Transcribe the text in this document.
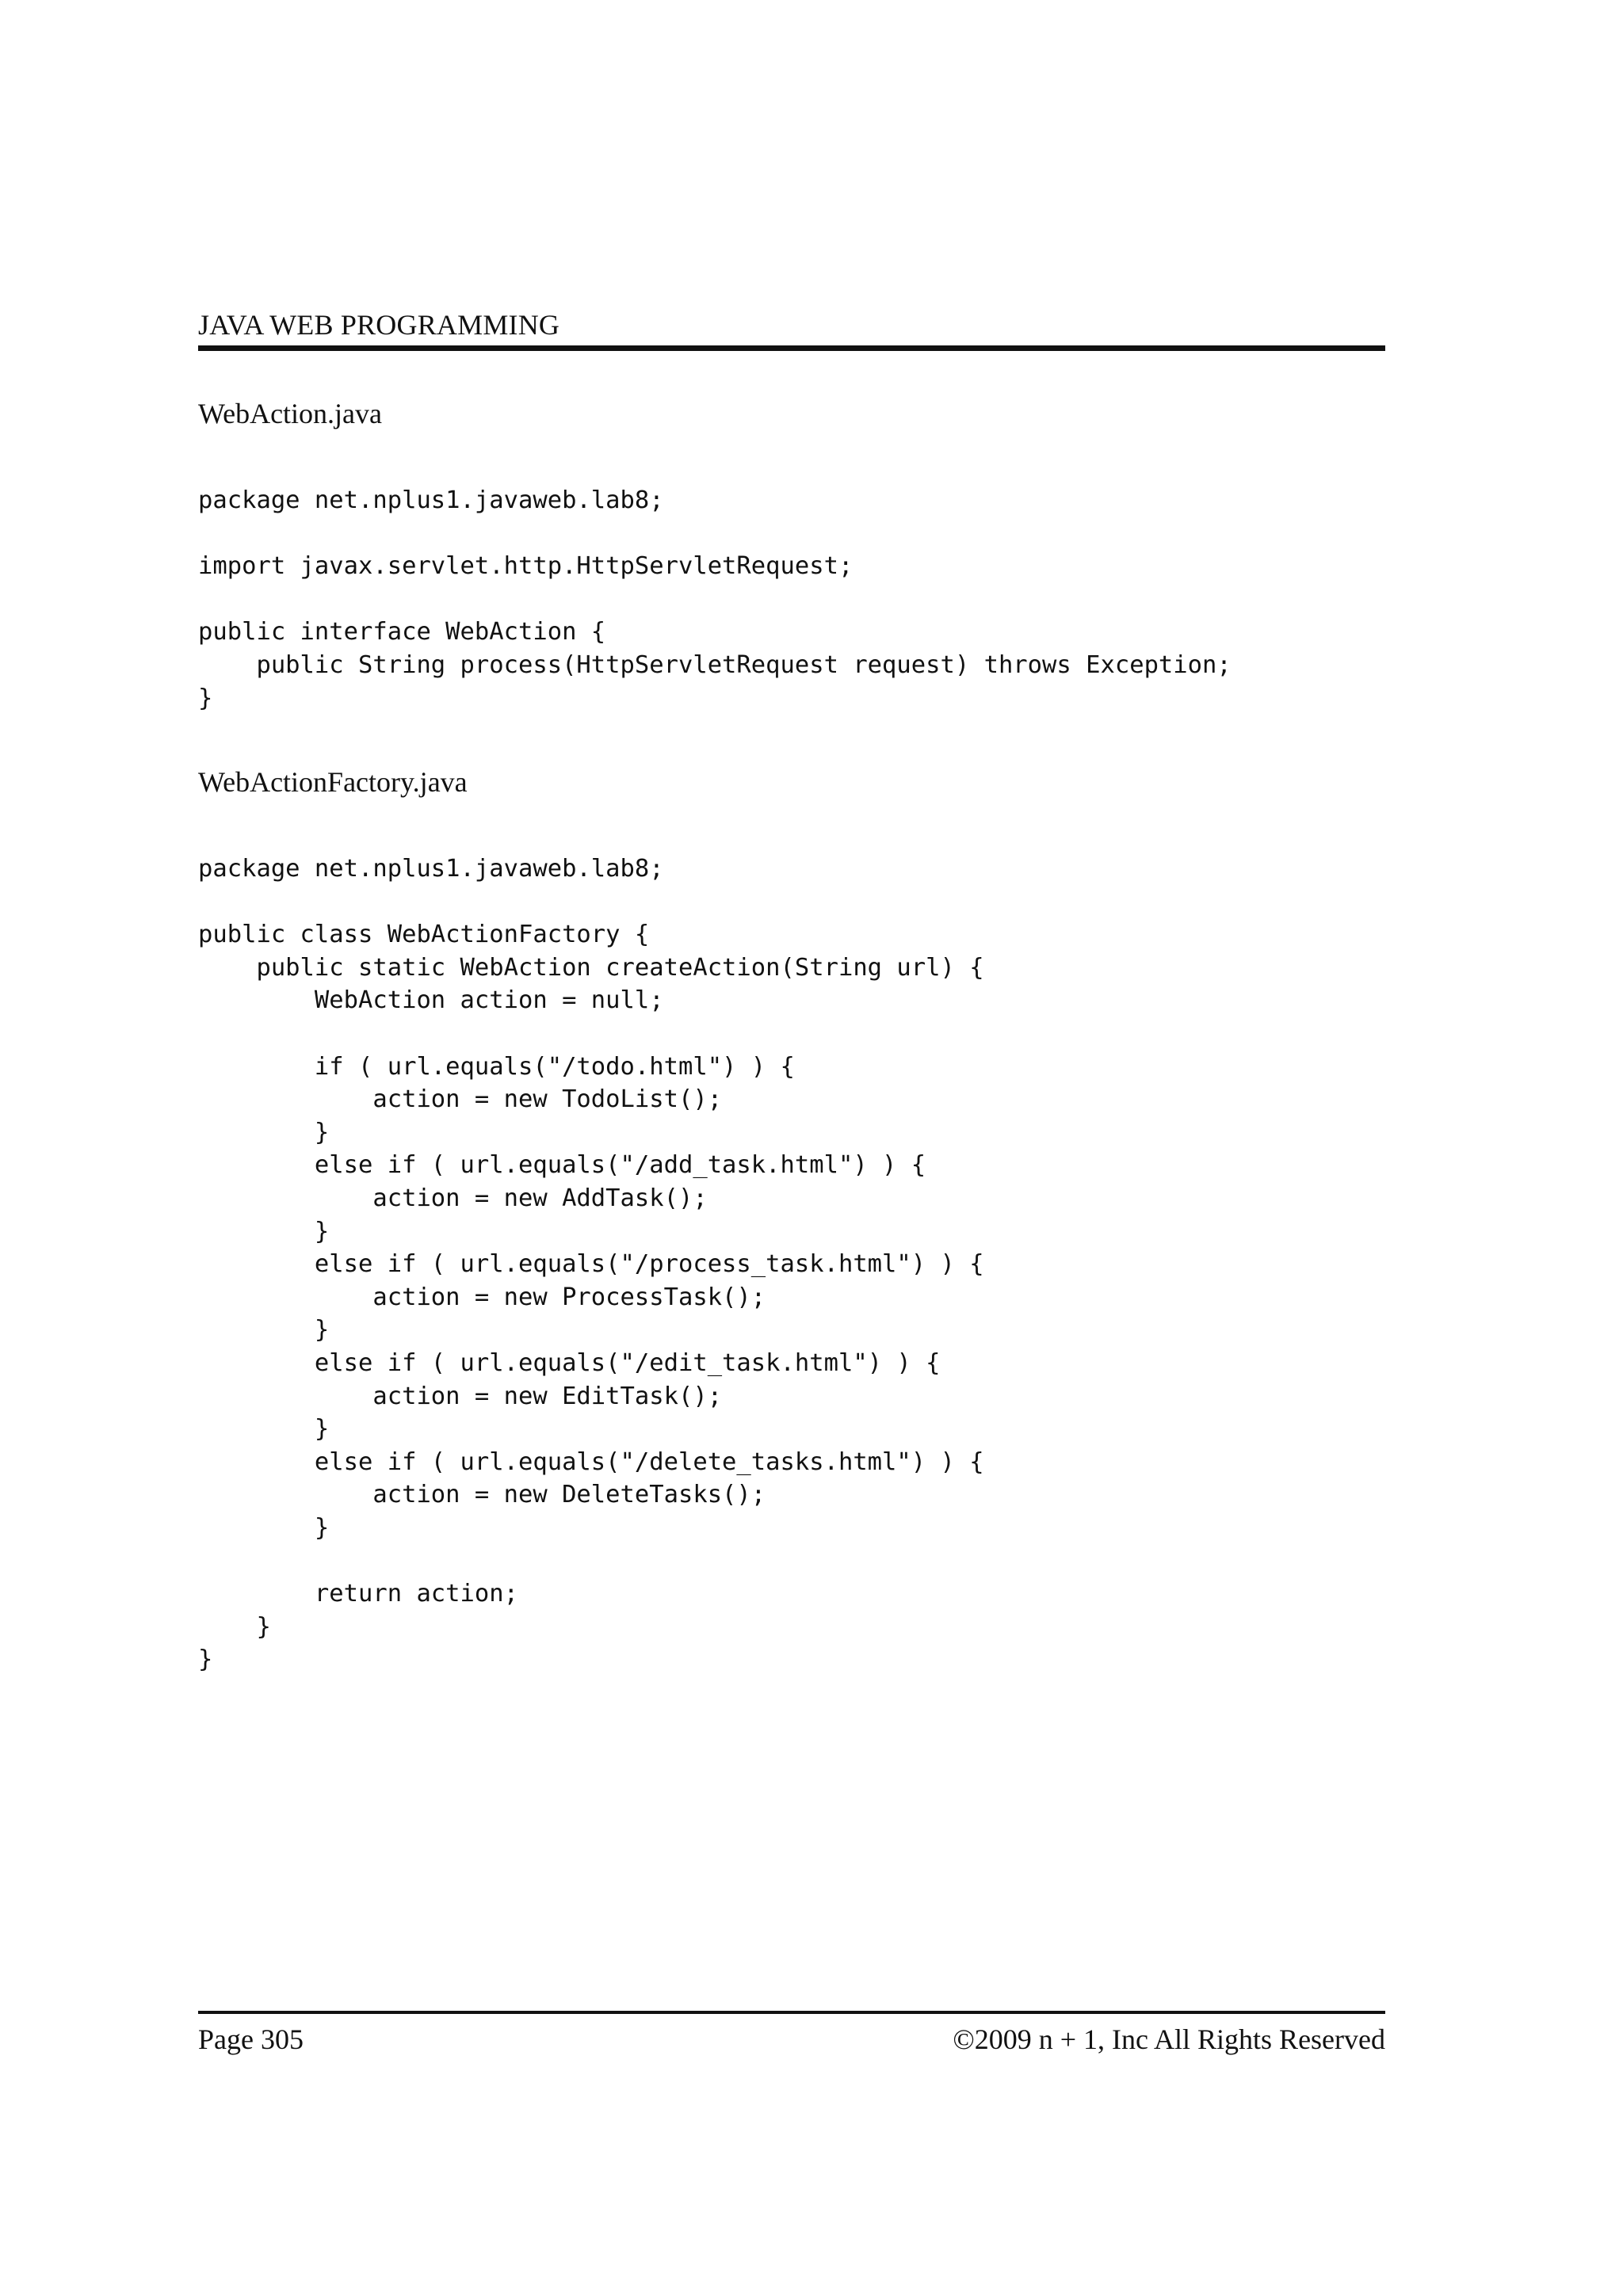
JAVA WEB PROGRAMMING
WebAction.java
package net.nplus1.javaweb.lab8;
import javax.servlet.http.HttpServletRequest;
public interface WebAction {
public String process(HttpServletRequest request) throws Exception;
}
WebActionFactory.java
package net.nplus1.javaweb.lab8;
public class WebActionFactory {
public static WebAction createAction(String url) {
WebAction action = null;
if ( url.equals("/todo.html") ) {
action = new TodoList();
}
else if ( url.equals("/add_task.html") ) {
action = new AddTask();
}
else if ( url.equals("/process_task.html") ) {
action = new ProcessTask();
}
else if ( url.equals("/edit_task.html") ) {
action = new EditTask();
}
else if ( url.equals("/delete_tasks.html") ) {
action = new DeleteTasks();
}
return action;
}
}
Page 305	©2009 n + 1, Inc All Rights Reserved
